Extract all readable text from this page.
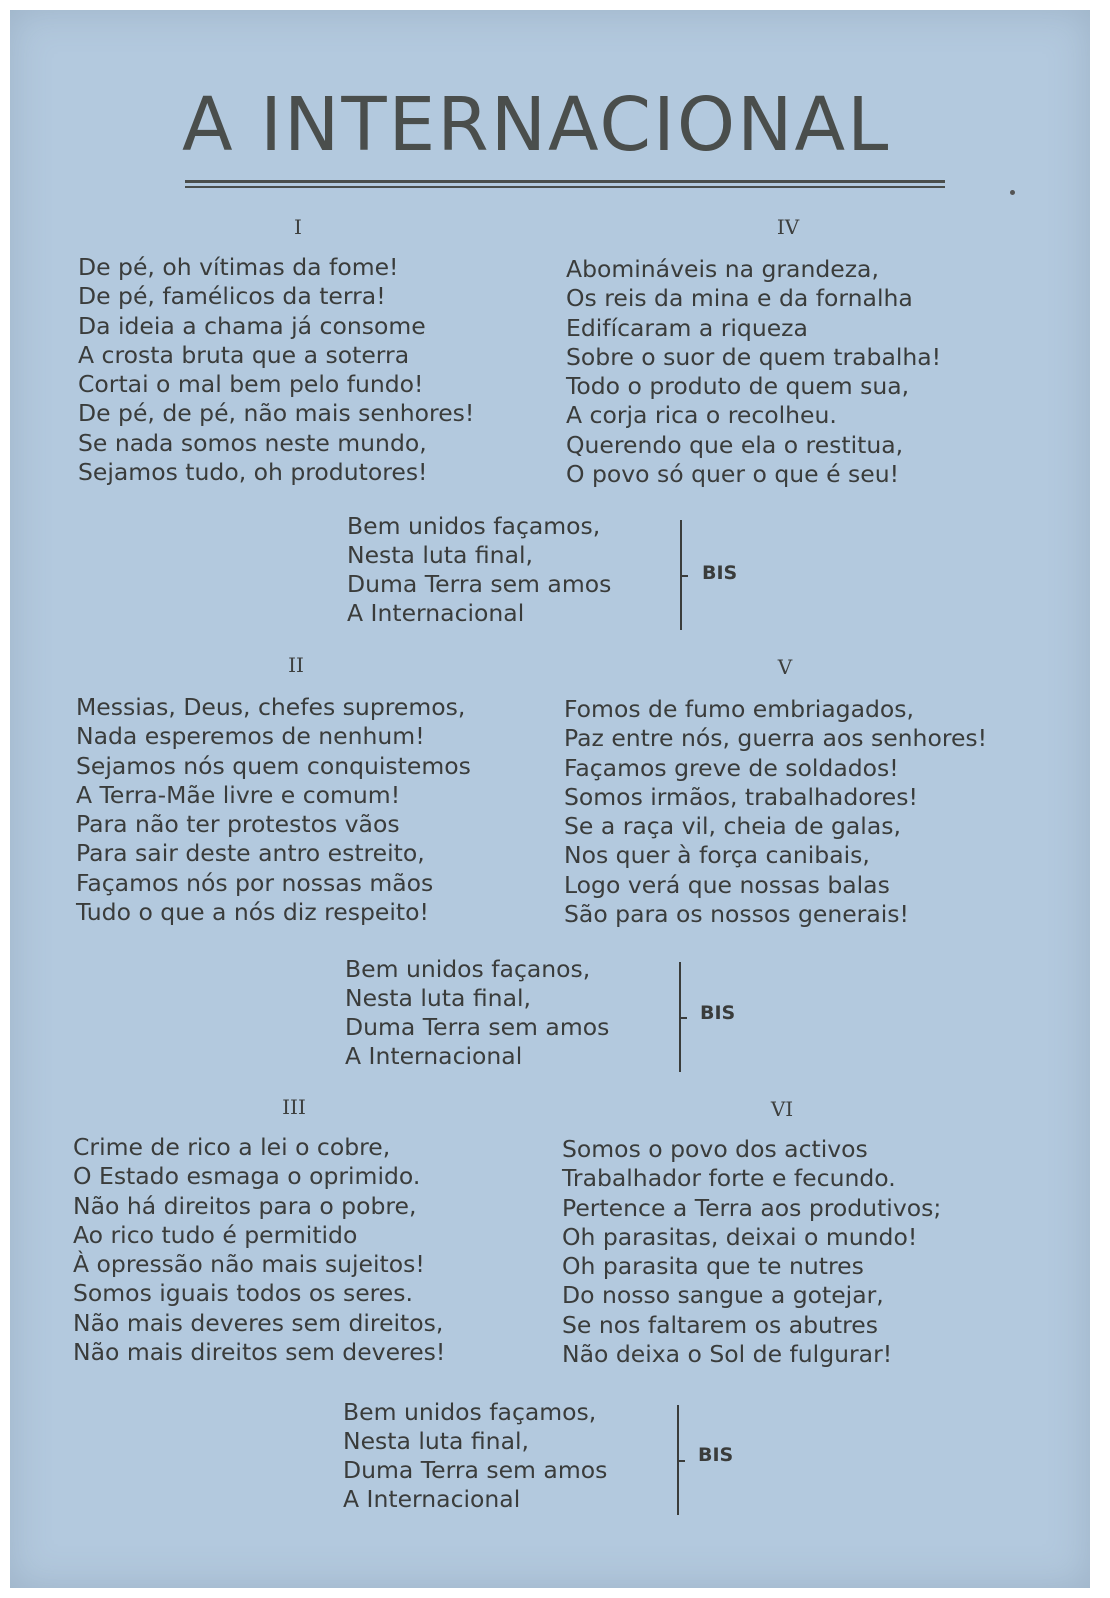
A INTERNACIONAL
I
De pé, oh vítimas da fome!
De pé, famélicos da terra!
Da ideia a chama já consome
A crosta bruta que a soterra
Cortai o mal bem pelo fundo!
De pé, de pé, não mais senhores!
Se nada somos neste mundo,
Sejamos tudo, oh produtores!
IV
Abomináveis na grandeza,
Os reis da mina e da fornalha
Edifícaram a riqueza
Sobre o suor de quem trabalha!
Todo o produto de quem sua,
A corja rica o recolheu.
Querendo que ela o restitua,
O povo só quer o que é seu!
Bem unidos façamos,
Nesta luta final,
Duma Terra sem amos
A Internacional
BIS
II
Messias, Deus, chefes supremos,
Nada esperemos de nenhum!
Sejamos nós quem conquistemos
A Terra-Mãe livre e comum!
Para não ter protestos vãos
Para sair deste antro estreito,
Façamos nós por nossas mãos
Tudo o que a nós diz respeito!
V
Fomos de fumo embriagados,
Paz entre nós, guerra aos senhores!
Façamos greve de soldados!
Somos irmãos, trabalhadores!
Se a raça vil, cheia de galas,
Nos quer à força canibais,
Logo verá que nossas balas
São para os nossos generais!
Bem unidos façanos,
Nesta luta final,
Duma Terra sem amos
A Internacional
BIS
III
Crime de rico a lei o cobre,
O Estado esmaga o oprimido.
Não há direitos para o pobre,
Ao rico tudo é permitido
À opressão não mais sujeitos!
Somos iguais todos os seres.
Não mais deveres sem direitos,
Não mais direitos sem deveres!
VI
Somos o povo dos activos
Trabalhador forte e fecundo.
Pertence a Terra aos produtivos;
Oh parasitas, deixai o mundo!
Oh parasita que te nutres
Do nosso sangue a gotejar,
Se nos faltarem os abutres
Não deixa o Sol de fulgurar!
Bem unidos façamos,
Nesta luta final,
Duma Terra sem amos
A Internacional
BIS
